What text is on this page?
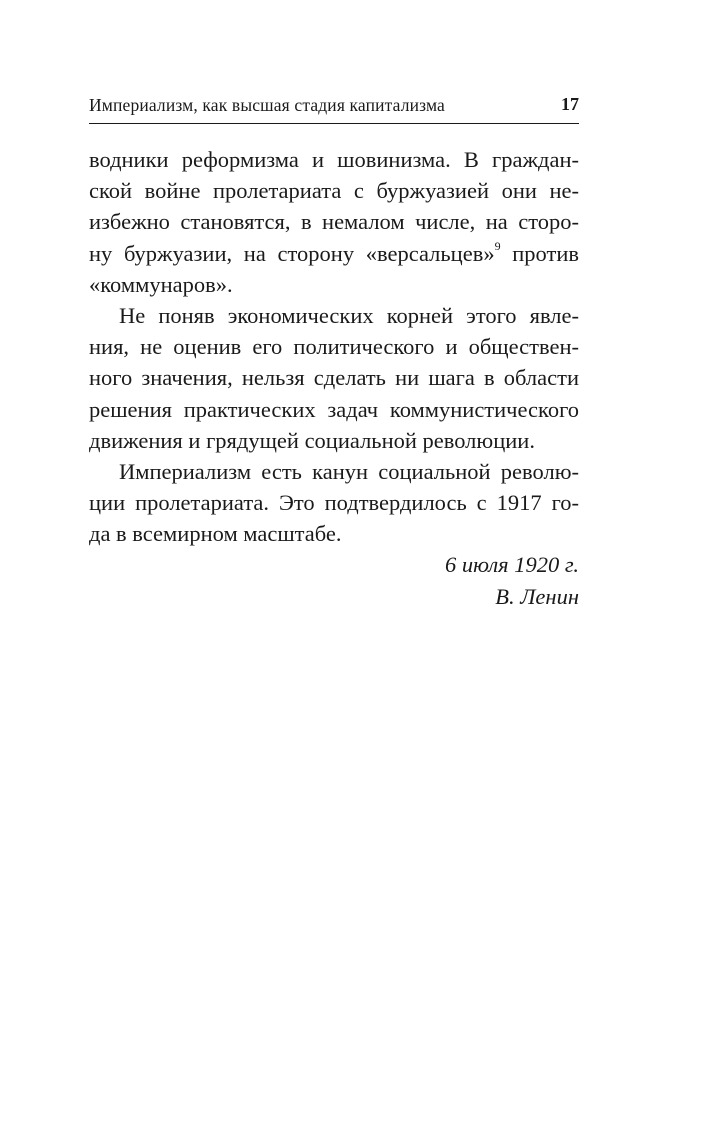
Империализм, как высшая стадия капитализма	17
водники реформизма и шовинизма. В граждан-
ской войне пролетариата с буржуазией они не-
избежно становятся, в немалом числе, на сторо-
ну буржуазии, на сторону «версальцев»$^9$ против
«коммунаров».
Не поняв экономических корней этого явле-
ния, не оценив его политического и обществен-
ного значения, нельзя сделать ни шага в области
решения практических задач коммунистического
движения и грядущей социальной революции.
Империализм есть канун социальной револю-
ции пролетариата. Это подтвердилось с 1917 го-
да в всемирном масштабе.
6 июля 1920 г.
В. Ленин
